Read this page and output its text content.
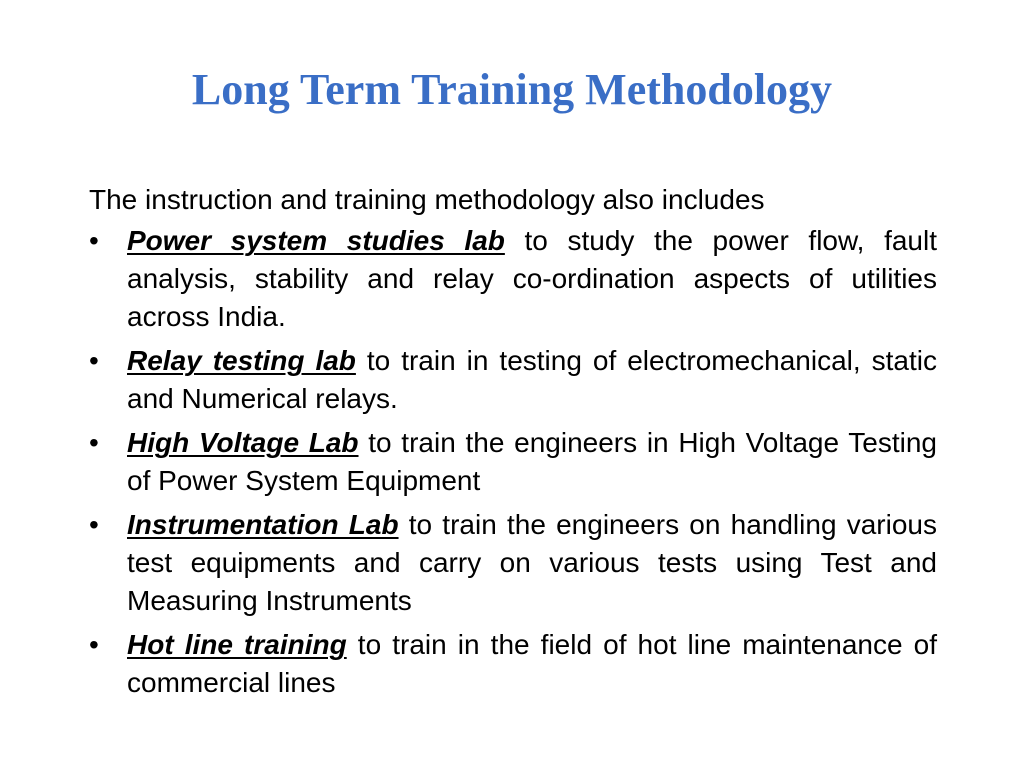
Long Term Training Methodology

The instruction and training methodology also includes

•	Power system studies lab to study the power flow, fault analysis, stability and relay co-ordination aspects of utilities across India.
•	Relay testing lab to train in testing of electromechanical, static and Numerical relays.
•	High Voltage Lab to train the engineers in High Voltage Testing of Power System Equipment
•	Instrumentation Lab to train the engineers on handling various test equipments and carry on various tests using Test and Measuring Instruments
•	Hot line training to train in the field of hot line maintenance of commercial lines
